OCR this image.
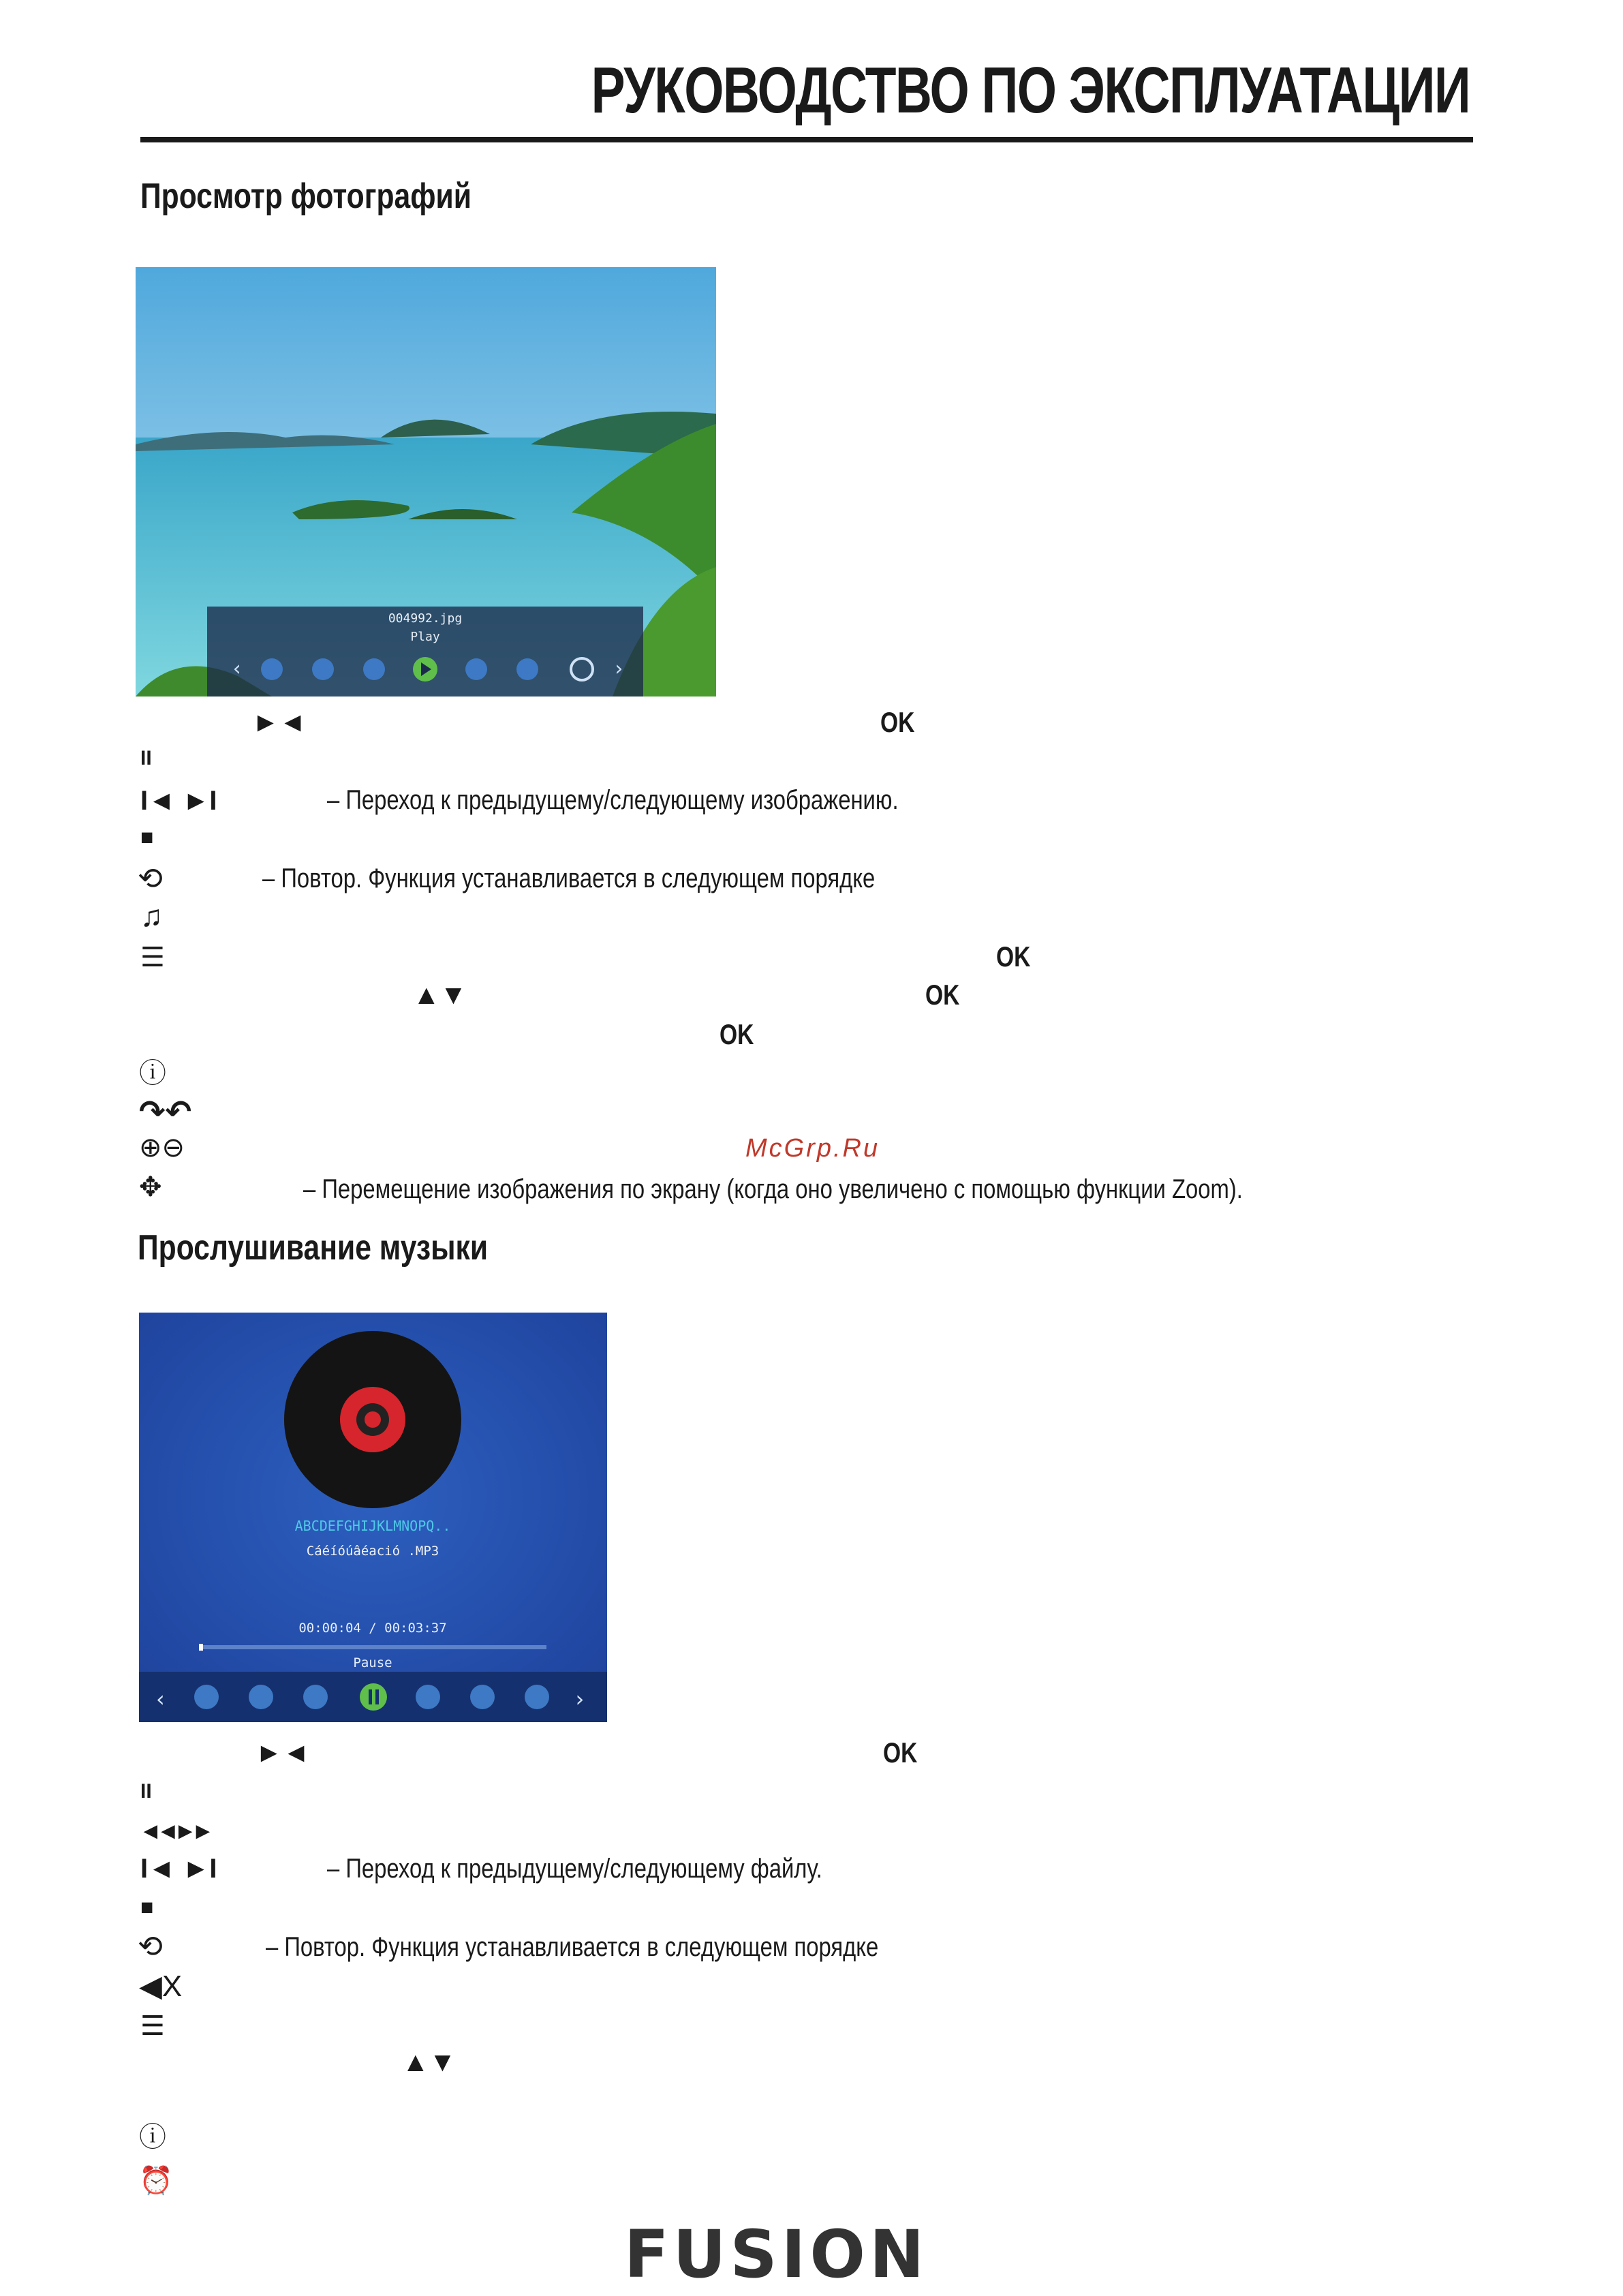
РУКОВОДСТВО ПО ЭКСПЛУАТАЦИИ
Просмотр фотографий
004992.jpg
Play
‹	›
►◄	OK
II
I◄ ►I	– Переход к предыдущему/следующему изображению.
■
⟲	– Повтор. Функция устанавливается в следующем порядке
♫
☰	OK
▲▼	OK
OK
ⓘ
↷↶
⊕⊖	McGrp.Ru
✥	– Перемещение изображения по экрану (когда оно увеличено с помощью функции Zoom).
Прослушивание музыки
ABCDEFGHIJKLMNOPQ..
Cáéíóúâéació .MP3
00:00:04 / 00:03:37
Pause
‹	›
►◄	OK
II
◄◄►►
I◄ ►I	– Переход к предыдущему/следующему файлу.
■
⟲	– Повтор. Функция устанавливается в следующем порядке
◀X
☰
▲▼
ⓘ
⏰
FUSION
